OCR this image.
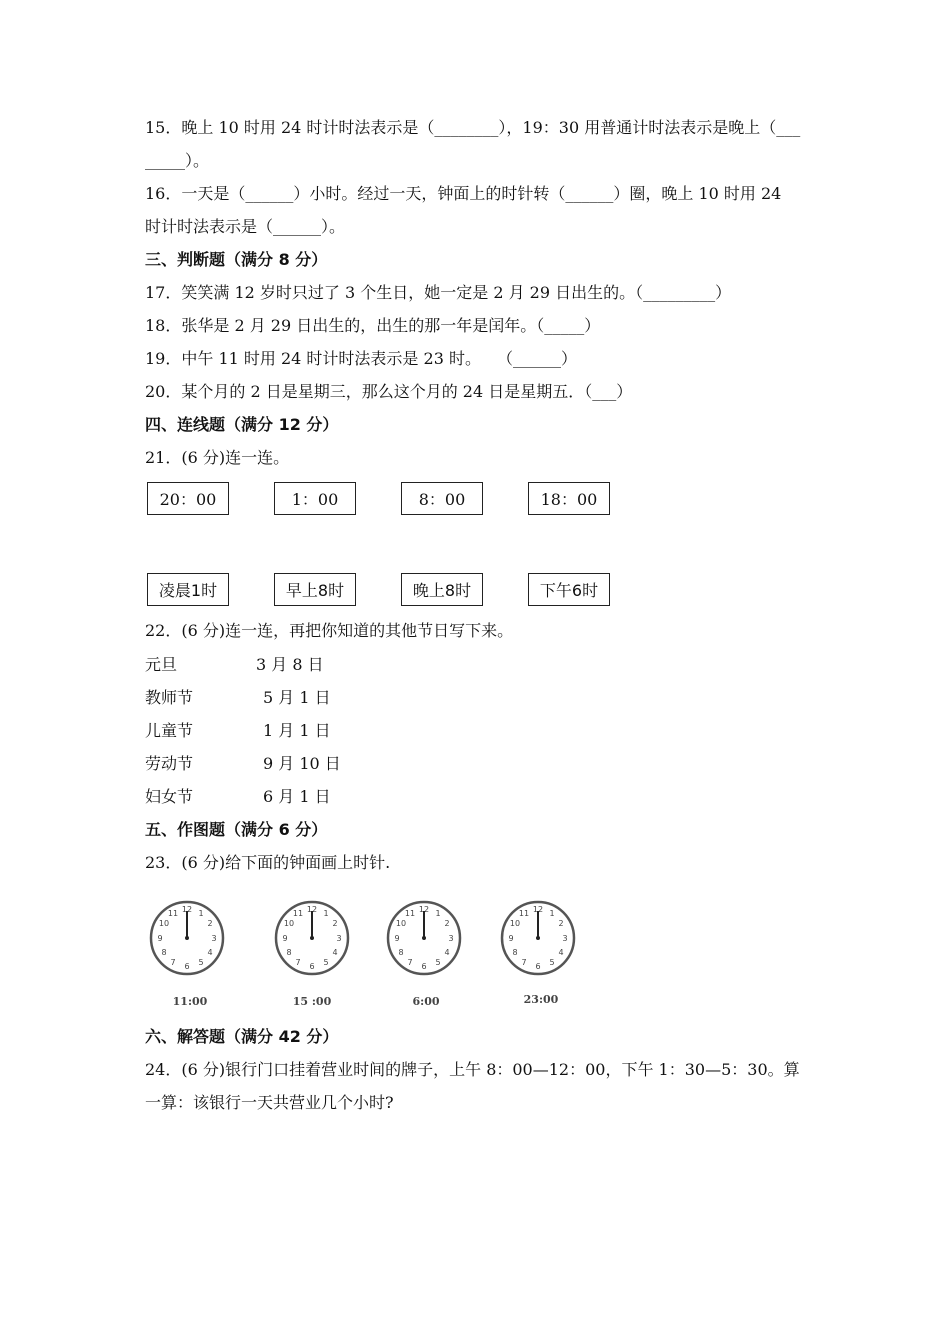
15．晚上 10 时用 24 时计时法表示是（________），19：30 用普通计时法表示是晚上（___
_____）。
16．一天是（______）小时。经过一天，钟面上的时针转（______）圈，晚上 10 时用 24
时计时法表示是（______）。
三、判断题（满分 8 分）
17．笑笑满 12 岁时只过了 3 个生日，她一定是 2 月 29 日出生的。（_________）
18．张华是 2 月 29 日出生的，出生的那一年是闰年。（_____）
19．中午 11 时用 24 时计时法表示是 23 时。　　（______）
20．某个月的 2 日是星期三，那么这个月的 24 日是星期五．（___）
四、连线题（满分 12 分）
21．(6 分)连一连。
20：00	1：00	8：00	18：00
凌晨1时	早上8时	晚上8时	下午6时
22．(6 分)连一连，再把你知道的其他节日写下来。
元旦	3 月 8 日
教师节	5 月 1 日
儿童节	1 月 1 日
劳动节	9 月 10 日
妇女节	6 月 1 日
五、作图题（满分 6 分）
23．(6 分)给下面的钟面画上时针.
12 1
2
3
4
5
6
7
8
9
10
11	12 1
2
3
4
5
6
7
8
9
10
11	12 1
2
3
4
5
6
7
8
9
10
11	12 1
2
3
4
5
6
7
8
9
10
11
11:00	15 :00	6:00	23:00
六、解答题（满分 42 分）
24．(6 分)银行门口挂着营业时间的牌子，上午 8：00—12：00，下午 1：30—5：30。算
一算：该银行一天共营业几个小时?
